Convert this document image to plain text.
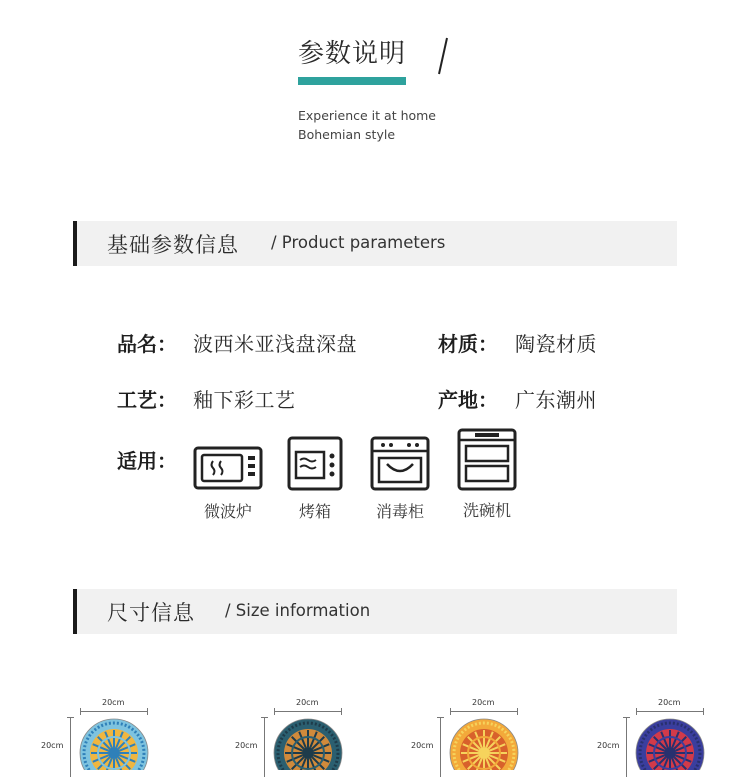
参数说明
Experience it at home
Bohemian style
基础参数信息 / Product parameters
品名： 波西米亚浅盘深盘	材质： 陶瓷材质
工艺： 釉下彩工艺	产地： 广东潮州
适用：
微波炉	烤箱	消毒柜	洗碗机
尺寸信息 / Size information
20cm
20cm
20cm
20cm
20cm
20cm
20cm
20cm
